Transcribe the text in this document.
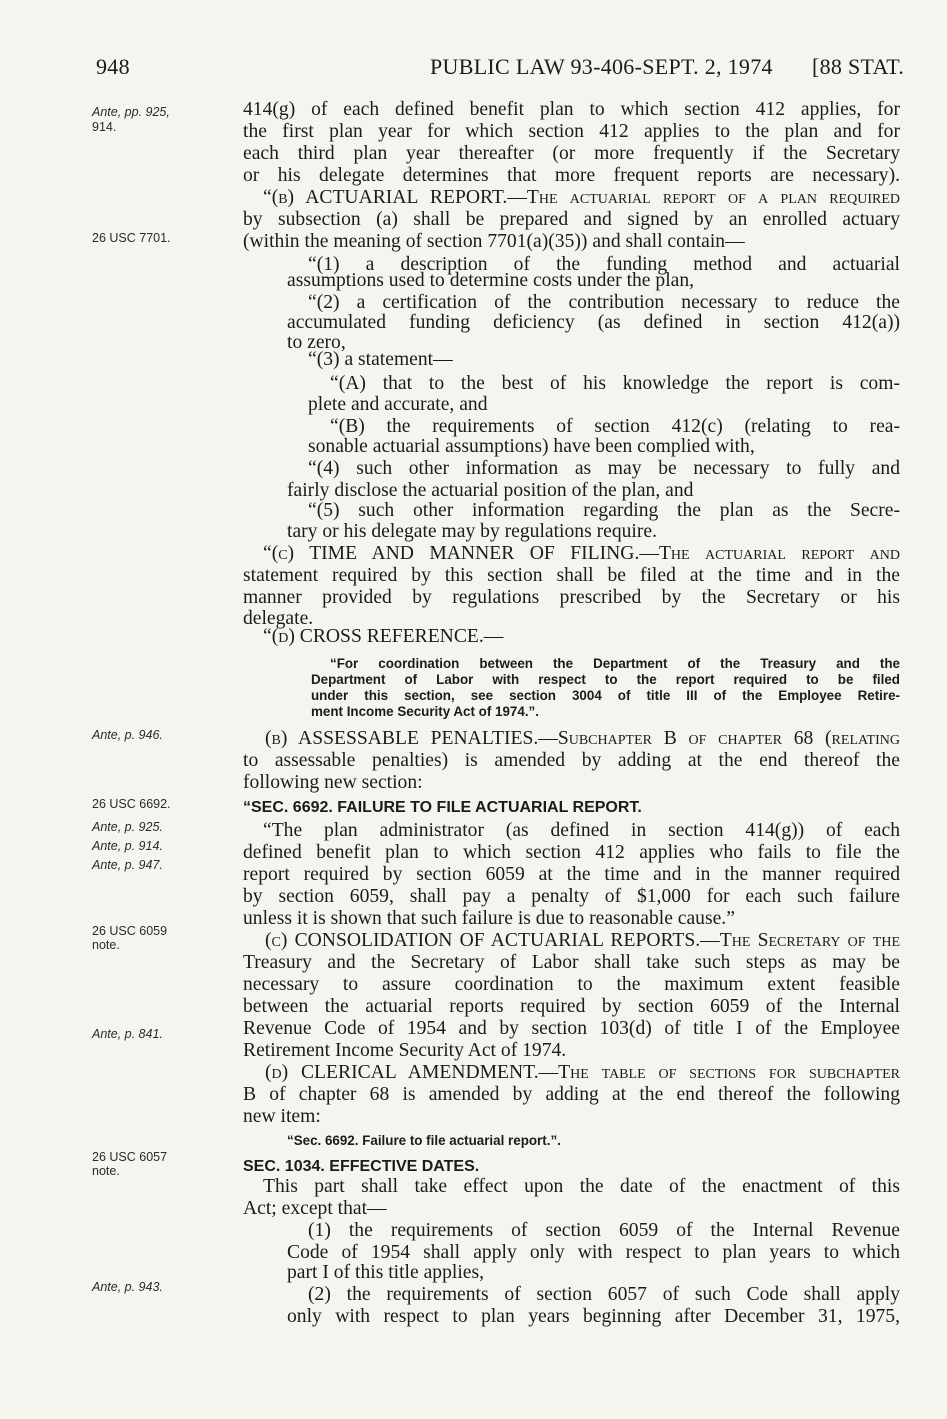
948	PUBLIC LAW 93-406-SEPT. 2, 1974 [88 STAT.
Ante, pp. 925,
914.
26 USC 7701.
Ante, p. 946.
26 USC 6692.
Ante, p. 925.
Ante, p. 914.
Ante, p. 947.
26 USC 6059
note.
Ante, p. 841.
26 USC 6057
note.
Ante, p. 943.
414(g) of each defined benefit plan to which section 412 applies, for
the first plan year for which section 412 applies to the plan and for
each third plan year thereafter (or more frequently if the Secretary
or his delegate determines that more frequent reports are necessary).
“(b) ACTUARIAL REPORT.—The actuarial report of a plan required
by subsection (a) shall be prepared and signed by an enrolled actuary
(within the meaning of section 7701(a)(35)) and shall contain—
“(1) a description of the funding method and actuarial
assumptions used to determine costs under the plan,
“(2) a certification of the contribution necessary to reduce the
accumulated funding deficiency (as defined in section 412(a))
to zero,
“(3) a statement—
“(A) that to the best of his knowledge the report is com-
plete and accurate, and
“(B) the requirements of section 412(c) (relating to rea-
sonable actuarial assumptions) have been complied with,
“(4) such other information as may be necessary to fully and
fairly disclose the actuarial position of the plan, and
“(5) such other information regarding the plan as the Secre-
tary or his delegate may by regulations require.
“(c) TIME AND MANNER OF FILING.—The actuarial report and
statement required by this section shall be filed at the time and in the
manner provided by regulations prescribed by the Secretary or his
delegate.
“(d) CROSS REFERENCE.—
“For coordination between the Department of the Treasury and the
Department of Labor with respect to the report required to be filed
under this section, see section 3004 of title III of the Employee Retire-
ment Income Security Act of 1974.”.
(b) ASSESSABLE PENALTIES.—Subchapter B of chapter 68 (relating
to assessable penalties) is amended by adding at the end thereof the
following new section:
“SEC. 6692. FAILURE TO FILE ACTUARIAL REPORT.
“The plan administrator (as defined in section 414(g)) of each
defined benefit plan to which section 412 applies who fails to file the
report required by section 6059 at the time and in the manner required
by section 6059, shall pay a penalty of $1,000 for each such failure
unless it is shown that such failure is due to reasonable cause.”
(c) CONSOLIDATION OF ACTUARIAL REPORTS.—The Secretary of the
Treasury and the Secretary of Labor shall take such steps as may be
necessary to assure coordination to the maximum extent feasible
between the actuarial reports required by section 6059 of the Internal
Revenue Code of 1954 and by section 103(d) of title I of the Employee
Retirement Income Security Act of 1974.
(d) CLERICAL AMENDMENT.—The table of sections for subchapter
B of chapter 68 is amended by adding at the end thereof the following
new item:
“Sec. 6692. Failure to file actuarial report.”.
SEC. 1034. EFFECTIVE DATES.
This part shall take effect upon the date of the enactment of this
Act; except that—
(1) the requirements of section 6059 of the Internal Revenue
Code of 1954 shall apply only with respect to plan years to which
part I of this title applies,
(2) the requirements of section 6057 of such Code shall apply
only with respect to plan years beginning after December 31, 1975,
